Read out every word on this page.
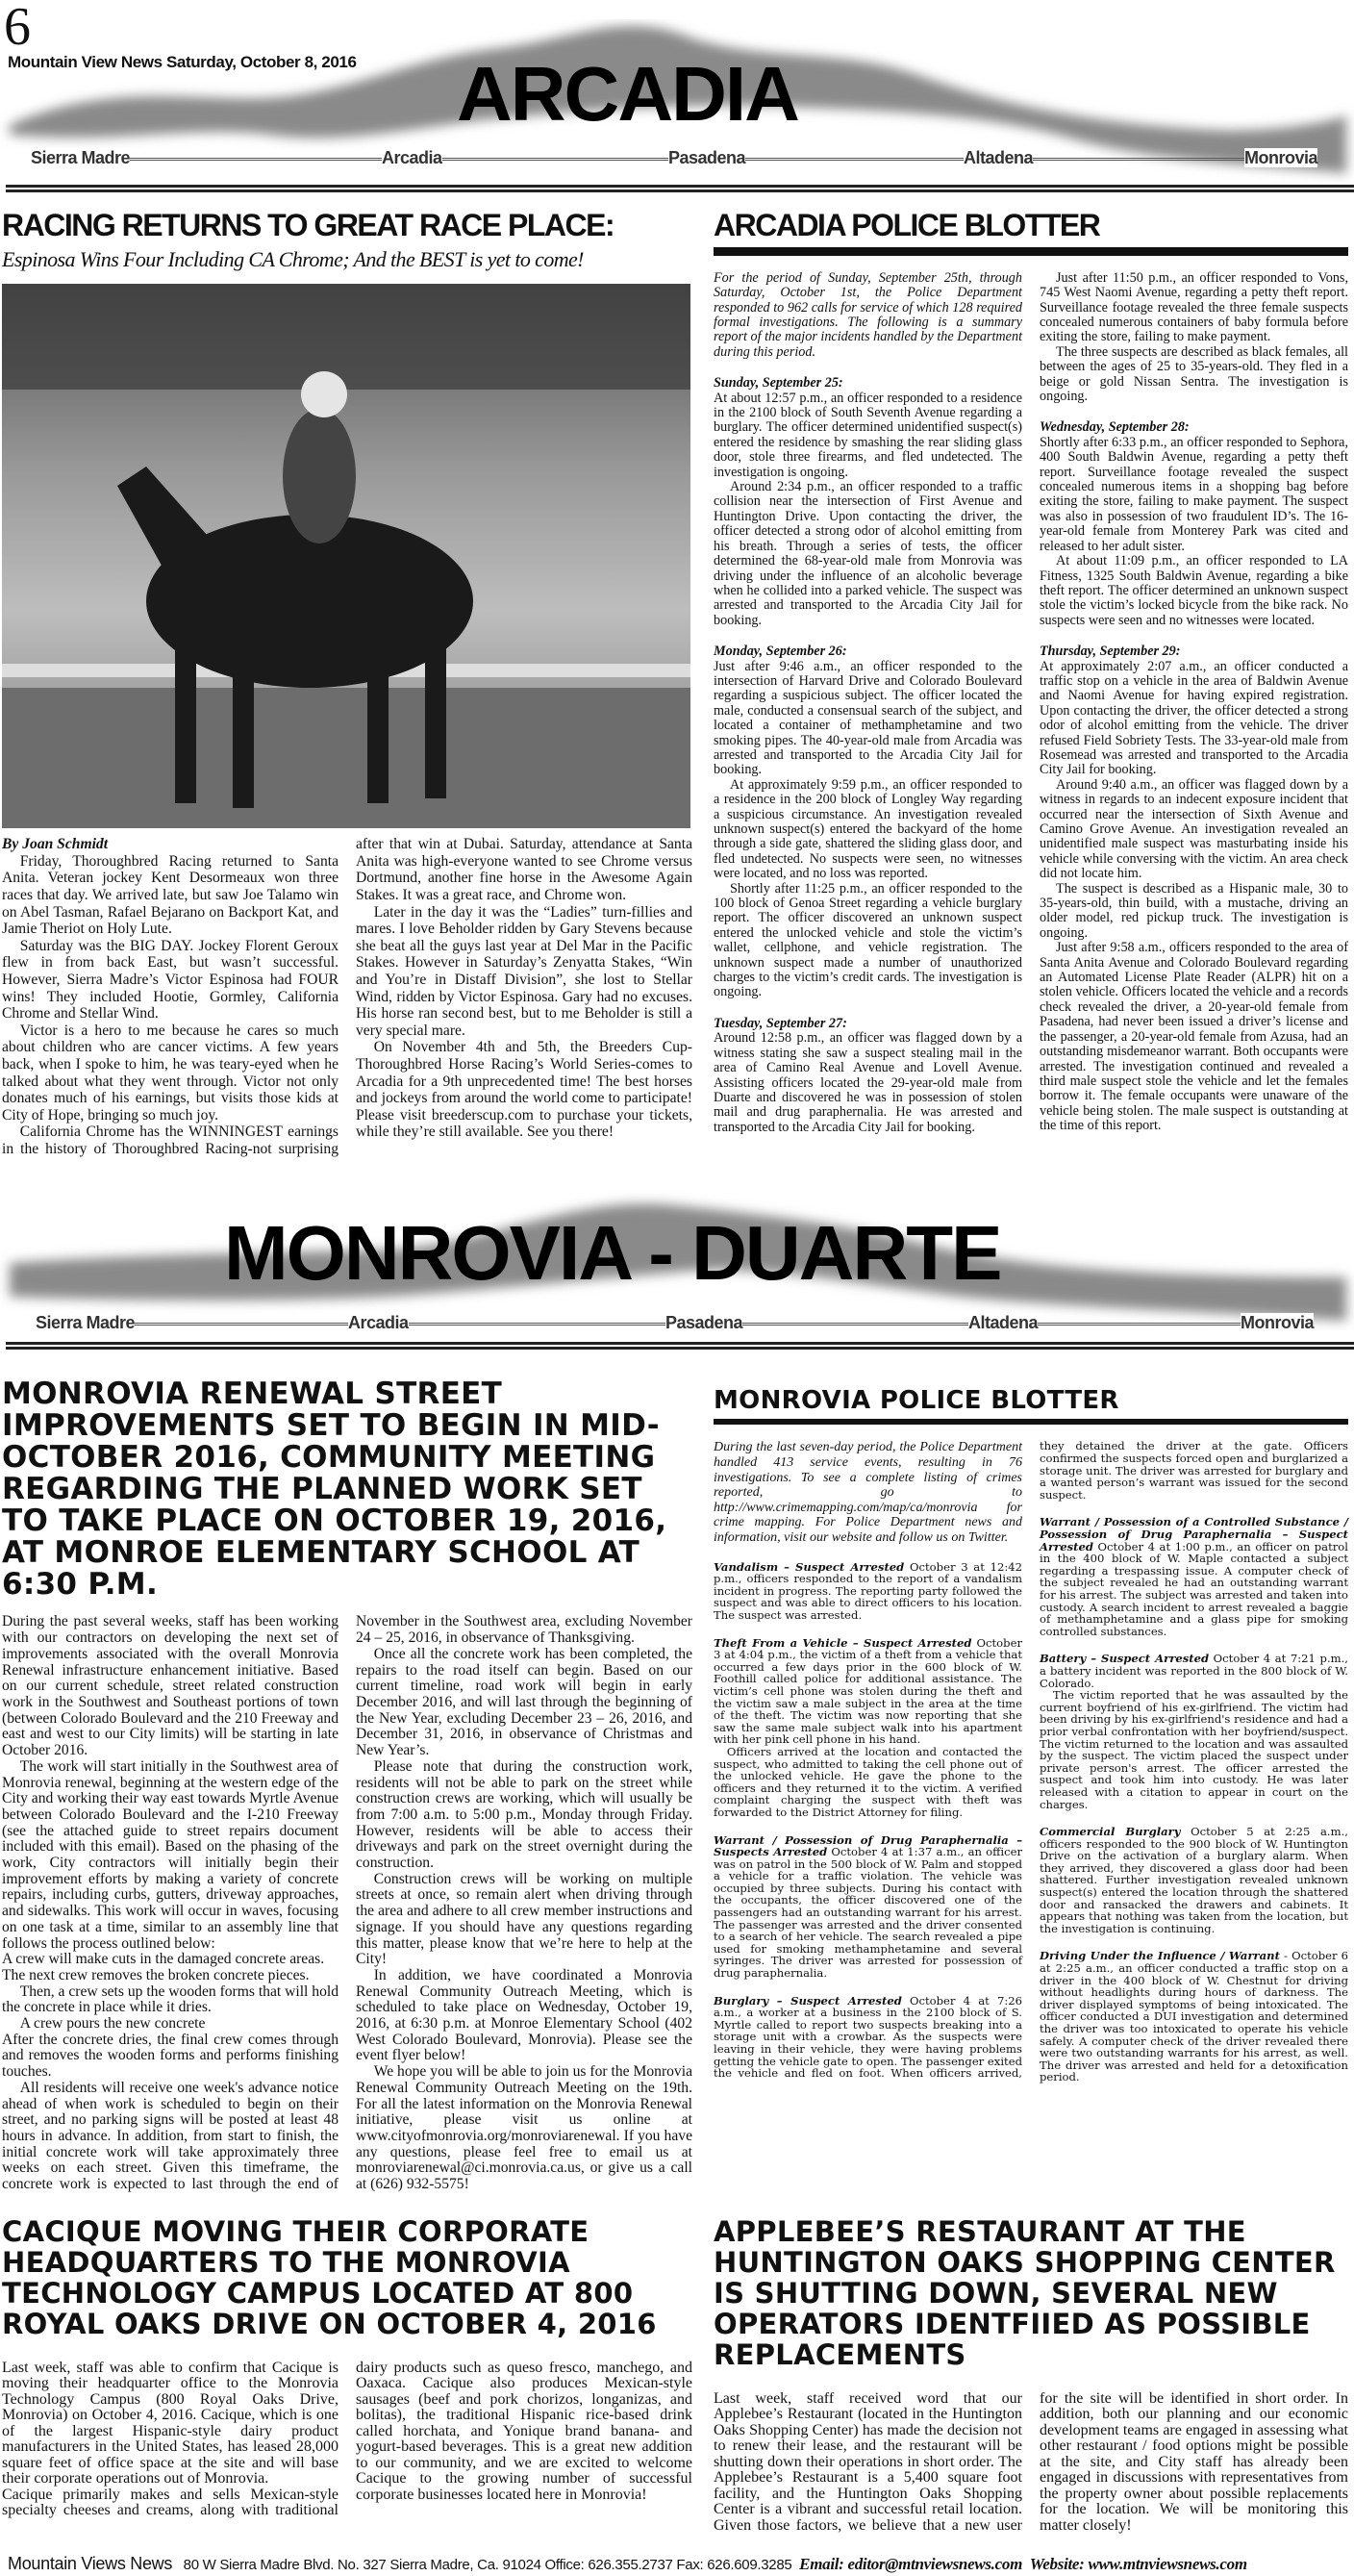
6
Mountain View News Saturday, October 8, 2016 ARCADIA
Sierra Madre	Arcadia	Pasadena	Altadena	Monrovia
RACING RETURNS TO GREAT RACE PLACE:
Espinosa Wins Four Including CA Chrome; And the BEST is yet to come!

By Joan Schmidt

Friday, Thoroughbred Racing returned to Santa Anita. Veteran jockey Kent Desormeaux won three races that day. We arrived late, but saw Joe Talamo win on Abel Tasman, Rafael Bejarano on Backport Kat, and Jamie Theriot on Holy Lute.

Saturday was the BIG DAY. Jockey Florent Geroux flew in from back East, but wasn’t successful. However, Sierra Madre’s Victor Espinosa had FOUR wins! They included Hootie, Gormley, California Chrome and Stellar Wind.

Victor is a hero to me because he cares so much about children who are cancer victims. A few years back, when I spoke to him, he was teary-eyed when he talked about what they went through. Victor not only donates much of his earnings, but visits those kids at City of Hope, bringing so much joy.

California Chrome has the WINNINGEST earnings in the history of Thoroughbred Racing-not surprising after that win at Dubai. Saturday, attendance at Santa Anita was high-everyone wanted to see Chrome versus Dortmund, another fine horse in the Awesome Again Stakes. It was a great race, and Chrome won.

Later in the day it was the “Ladies” turn-fillies and mares. I love Beholder ridden by Gary Stevens because she beat all the guys last year at Del Mar in the Pacific Stakes. However in Saturday’s Zenyatta Stakes, “Win and You’re in Distaff Division”, she lost to Stellar Wind, ridden by Victor Espinosa. Gary had no excuses. His horse ran second best, but to me Beholder is still a very special mare.

On November 4th and 5th, the Breeders Cup-Thoroughbred Horse Racing’s World Series-comes to Arcadia for a 9th unprecedented time! The best horses and jockeys from around the world come to participate! Please visit breederscup.com to purchase your tickets, while they’re still available. See you there!

ARCADIA POLICE BLOTTER

For the period of Sunday, September 25th, through Saturday, October 1st, the Police Department responded to 962 calls for service of which 128 required formal investigations. The following is a summary report of the major incidents handled by the Department during this period.

Sunday, September 25:

At about 12:57 p.m., an officer responded to a residence in the 2100 block of South Seventh Avenue regarding a burglary. The officer determined unidentified suspect(s) entered the residence by smashing the rear sliding glass door, stole three firearms, and fled undetected. The investigation is ongoing.

Around 2:34 p.m., an officer responded to a traffic collision near the intersection of First Avenue and Huntington Drive. Upon contacting the driver, the officer detected a strong odor of alcohol emitting from his breath. Through a series of tests, the officer determined the 68-year-old male from Monrovia was driving under the influence of an alcoholic beverage when he collided into a parked vehicle. The suspect was arrested and transported to the Arcadia City Jail for booking.

Monday, September 26:

Just after 9:46 a.m., an officer responded to the intersection of Harvard Drive and Colorado Boulevard regarding a suspicious subject. The officer located the male, conducted a consensual search of the subject, and located a container of methamphetamine and two smoking pipes. The 40-year-old male from Arcadia was arrested and transported to the Arcadia City Jail for booking.

At approximately 9:59 p.m., an officer responded to a residence in the 200 block of Longley Way regarding a suspicious circumstance. An investigation revealed unknown suspect(s) entered the backyard of the home through a side gate, shattered the sliding glass door, and fled undetected. No suspects were seen, no witnesses were located, and no loss was reported.

Shortly after 11:25 p.m., an officer responded to the 100 block of Genoa Street regarding a vehicle burglary report. The officer discovered an unknown suspect entered the unlocked vehicle and stole the victim’s wallet, cellphone, and vehicle registration. The unknown suspect made a number of unauthorized charges to the victim’s credit cards. The investigation is ongoing.

Tuesday, September 27:

Around 12:58 p.m., an officer was flagged down by a witness stating she saw a suspect stealing mail in the area of Camino Real Avenue and Lovell Avenue. Assisting officers located the 29-year-old male from Duarte and discovered he was in possession of stolen mail and drug paraphernalia. He was arrested and transported to the Arcadia City Jail for booking.

Just after 11:50 p.m., an officer responded to Vons, 745 West Naomi Avenue, regarding a petty theft report. Surveillance footage revealed the three female suspects concealed numerous containers of baby formula before exiting the store, failing to make payment.

The three suspects are described as black females, all between the ages of 25 to 35-years-old. They fled in a beige or gold Nissan Sentra. The investigation is ongoing.

Wednesday, September 28:

Shortly after 6:33 p.m., an officer responded to Sephora, 400 South Baldwin Avenue, regarding a petty theft report. Surveillance footage revealed the suspect concealed numerous items in a shopping bag before exiting the store, failing to make payment. The suspect was also in possession of two fraudulent ID’s. The 16-year-old female from Monterey Park was cited and released to her adult sister.

At about 11:09 p.m., an officer responded to LA Fitness, 1325 South Baldwin Avenue, regarding a bike theft report. The officer determined an unknown suspect stole the victim’s locked bicycle from the bike rack. No suspects were seen and no witnesses were located.

Thursday, September 29:

At approximately 2:07 a.m., an officer conducted a traffic stop on a vehicle in the area of Baldwin Avenue and Naomi Avenue for having expired registration. Upon contacting the driver, the officer detected a strong odor of alcohol emitting from the vehicle. The driver refused Field Sobriety Tests. The 33-year-old male from Rosemead was arrested and transported to the Arcadia City Jail for booking.

Around 9:40 a.m., an officer was flagged down by a witness in regards to an indecent exposure incident that occurred near the intersection of Sixth Avenue and Camino Grove Avenue. An investigation revealed an unidentified male suspect was masturbating inside his vehicle while conversing with the victim. An area check did not locate him.

The suspect is described as a Hispanic male, 30 to 35-years-old, thin build, with a mustache, driving an older model, red pickup truck. The investigation is ongoing.

Just after 9:58 a.m., officers responded to the area of Santa Anita Avenue and Colorado Boulevard regarding an Automated License Plate Reader (ALPR) hit on a stolen vehicle. Officers located the vehicle and a records check revealed the driver, a 20-year-old female from Pasadena, had never been issued a driver’s license and the passenger, a 20-year-old female from Azusa, had an outstanding misdemeanor warrant. Both occupants were arrested. The investigation continued and revealed a third male suspect stole the vehicle and let the females borrow it. The female occupants were unaware of the vehicle being stolen. The male suspect is outstanding at the time of this report.

MONROVIA - DUARTE
Sierra Madre	Arcadia	Pasadena	Altadena	Monrovia
MONROVIA RENEWAL STREET IMPROVEMENTS SET TO BEGIN IN MID-OCTOBER 2016, COMMUNITY MEETING REGARDING THE PLANNED WORK SET TO TAKE PLACE ON OCTOBER 19, 2016, AT MONROE ELEMENTARY SCHOOL AT 6:30 P.M.

During the past several weeks, staff has been working with our contractors on developing the next set of improvements associated with the overall Monrovia Renewal infrastructure enhancement initiative. Based on our current schedule, street related construction work in the Southwest and Southeast portions of town (between Colorado Boulevard and the 210 Freeway and east and west to our City limits) will be starting in late October 2016.

The work will start initially in the Southwest area of Monrovia renewal, beginning at the western edge of the City and working their way east towards Myrtle Avenue between Colorado Boulevard and the I-210 Freeway (see the attached guide to street repairs document included with this email). Based on the phasing of the work, City contractors will initially begin their improvement efforts by making a variety of concrete repairs, including curbs, gutters, driveway approaches, and sidewalks. This work will occur in waves, focusing on one task at a time, similar to an assembly line that follows the process outlined below:

A crew will make cuts in the damaged concrete areas.

The next crew removes the broken concrete pieces.

Then, a crew sets up the wooden forms that will hold the concrete in place while it dries.

A crew pours the new concrete

After the concrete dries, the final crew comes through and removes the wooden forms and performs finishing touches.

All residents will receive one week's advance notice ahead of when work is scheduled to begin on their street, and no parking signs will be posted at least 48 hours in advance. In addition, from start to finish, the initial concrete work will take approximately three weeks on each street. Given this timeframe, the concrete work is expected to last through the end of November in the Southwest area, excluding November 24 – 25, 2016, in observance of Thanksgiving.

Once all the concrete work has been completed, the repairs to the road itself can begin. Based on our current timeline, road work will begin in early December 2016, and will last through the beginning of the New Year, excluding December 23 – 26, 2016, and December 31, 2016, in observance of Christmas and New Year’s.

Please note that during the construction work, residents will not be able to park on the street while construction crews are working, which will usually be from 7:00 a.m. to 5:00 p.m., Monday through Friday. However, residents will be able to access their driveways and park on the street overnight during the construction.

Construction crews will be working on multiple streets at once, so remain alert when driving through the area and adhere to all crew member instructions and signage. If you should have any questions regarding this matter, please know that we’re here to help at the City!

In addition, we have coordinated a Monrovia Renewal Community Outreach Meeting, which is scheduled to take place on Wednesday, October 19, 2016, at 6:30 p.m. at Monroe Elementary School (402 West Colorado Boulevard, Monrovia). Please see the event flyer below!

We hope you will be able to join us for the Monrovia Renewal Community Outreach Meeting on the 19th. For all the latest information on the Monrovia Renewal initiative, please visit us online at www.cityofmonrovia.org/monroviarenewal. If you have any questions, please feel free to email us at monroviarenewal@ci.monrovia.ca.us, or give us a call at (626) 932-5575!

MONROVIA POLICE BLOTTER

During the last seven-day period, the Police Department handled 413 service events, resulting in 76 investigations. To see a complete listing of crimes reported, go to http://www.crimemapping.com/map/ca/monrovia for crime mapping. For Police Department news and information, visit our website and follow us on Twitter.

Vandalism – Suspect Arrested October 3 at 12:42 p.m., officers responded to the report of a vandalism incident in progress. The reporting party followed the suspect and was able to direct officers to his location. The suspect was arrested.

Theft From a Vehicle – Suspect Arrested October 3 at 4:04 p.m., the victim of a theft from a vehicle that occurred a few days prior in the 600 block of W. Foothill called police for additional assistance. The victim’s cell phone was stolen during the theft and the victim saw a male subject in the area at the time of the theft. The victim was now reporting that she saw the same male subject walk into his apartment with her pink cell phone in his hand.

Officers arrived at the location and contacted the suspect, who admitted to taking the cell phone out of the unlocked vehicle. He gave the phone to the officers and they returned it to the victim. A verified complaint charging the suspect with theft was forwarded to the District Attorney for filing.

Warrant / Possession of Drug Paraphernalia – Suspects Arrested October 4 at 1:37 a.m., an officer was on patrol in the 500 block of W. Palm and stopped a vehicle for a traffic violation. The vehicle was occupied by three subjects. During his contact with the occupants, the officer discovered one of the passengers had an outstanding warrant for his arrest. The passenger was arrested and the driver consented to a search of her vehicle. The search revealed a pipe used for smoking methamphetamine and several syringes. The driver was arrested for possession of drug paraphernalia.

Burglary – Suspect Arrested October 4 at 7:26 a.m., a worker at a business in the 2100 block of S. Myrtle called to report two suspects breaking into a storage unit with a crowbar. As the suspects were leaving in their vehicle, they were having problems getting the vehicle gate to open. The passenger exited the vehicle and fled on foot. When officers arrived, they detained the driver at the gate. Officers confirmed the suspects forced open and burglarized a storage unit. The driver was arrested for burglary and a wanted person’s warrant was issued for the second suspect.

Warrant / Possession of a Controlled Substance / Possession of Drug Paraphernalia – Suspect Arrested October 4 at 1:00 p.m., an officer on patrol in the 400 block of W. Maple contacted a subject regarding a trespassing issue. A computer check of the subject revealed he had an outstanding warrant for his arrest. The subject was arrested and taken into custody. A search incident to arrest revealed a baggie of methamphetamine and a glass pipe for smoking controlled substances.

Battery – Suspect Arrested October 4 at 7:21 p.m., a battery incident was reported in the 800 block of W. Colorado.

The victim reported that he was assaulted by the current boyfriend of his ex-girlfriend. The victim had been driving by his ex-girlfriend's residence and had a prior verbal confrontation with her boyfriend/suspect. The victim returned to the location and was assaulted by the suspect. The victim placed the suspect under private person's arrest. The officer arrested the suspect and took him into custody. He was later released with a citation to appear in court on the charges.

Commercial Burglary October 5 at 2:25 a.m., officers responded to the 900 block of W. Huntington Drive on the activation of a burglary alarm. When they arrived, they discovered a glass door had been shattered. Further investigation revealed unknown suspect(s) entered the location through the shattered door and ransacked the drawers and cabinets. It appears that nothing was taken from the location, but the investigation is continuing.

Driving Under the Influence / Warrant - October 6 at 2:25 a.m., an officer conducted a traffic stop on a driver in the 400 block of W. Chestnut for driving without headlights during hours of darkness. The driver displayed symptoms of being intoxicated. The officer conducted a DUI investigation and determined the driver was too intoxicated to operate his vehicle safely. A computer check of the driver revealed there were two outstanding warrants for his arrest, as well. The driver was arrested and held for a detoxification period.

CACIQUE MOVING THEIR CORPORATE HEADQUARTERS TO THE MONROVIA TECHNOLOGY CAMPUS LOCATED AT 800 ROYAL OAKS DRIVE ON OCTOBER 4, 2016

Last week, staff was able to confirm that Cacique is moving their headquarter office to the Monrovia Technology Campus (800 Royal Oaks Drive, Monrovia) on October 4, 2016. Cacique, which is one of the largest Hispanic-style dairy product manufacturers in the United States, has leased 28,000 square feet of office space at the site and will base their corporate operations out of Monrovia.

Cacique primarily makes and sells Mexican-style specialty cheeses and creams, along with traditional dairy products such as queso fresco, manchego, and Oaxaca. Cacique also produces Mexican-style sausages (beef and pork chorizos, longanizas, and bolitas), the traditional Hispanic rice-based drink called horchata, and Yonique brand banana- and yogurt-based beverages. This is a great new addition to our community, and we are excited to welcome Cacique to the growing number of successful corporate businesses located here in Monrovia!

APPLEBEE’S RESTAURANT AT THE HUNTINGTON OAKS SHOPPING CENTER IS SHUTTING DOWN, SEVERAL NEW OPERATORS IDENTFIIED AS POSSIBLE REPLACEMENTS

Last week, staff received word that our Applebee’s Restaurant (located in the Huntington Oaks Shopping Center) has made the decision not to renew their lease, and the restaurant will be shutting down their operations in short order. The Applebee’s Restaurant is a 5,400 square foot facility, and the Huntington Oaks Shopping Center is a vibrant and successful retail location. Given those factors, we believe that a new user for the site will be identified in short order. In addition, both our planning and our economic development teams are engaged in assessing what other restaurant / food options might be possible at the site, and City staff has already been engaged in discussions with representatives from the property owner about possible replacements for the location. We will be monitoring this matter closely!

Mountain Views News 80 W Sierra Madre Blvd. No. 327 Sierra Madre, Ca. 91024 Office: 626.355.2737 Fax: 626.609.3285 Email: editor@mtnviewsnews.com Website: www.mtnviewsnews.com
